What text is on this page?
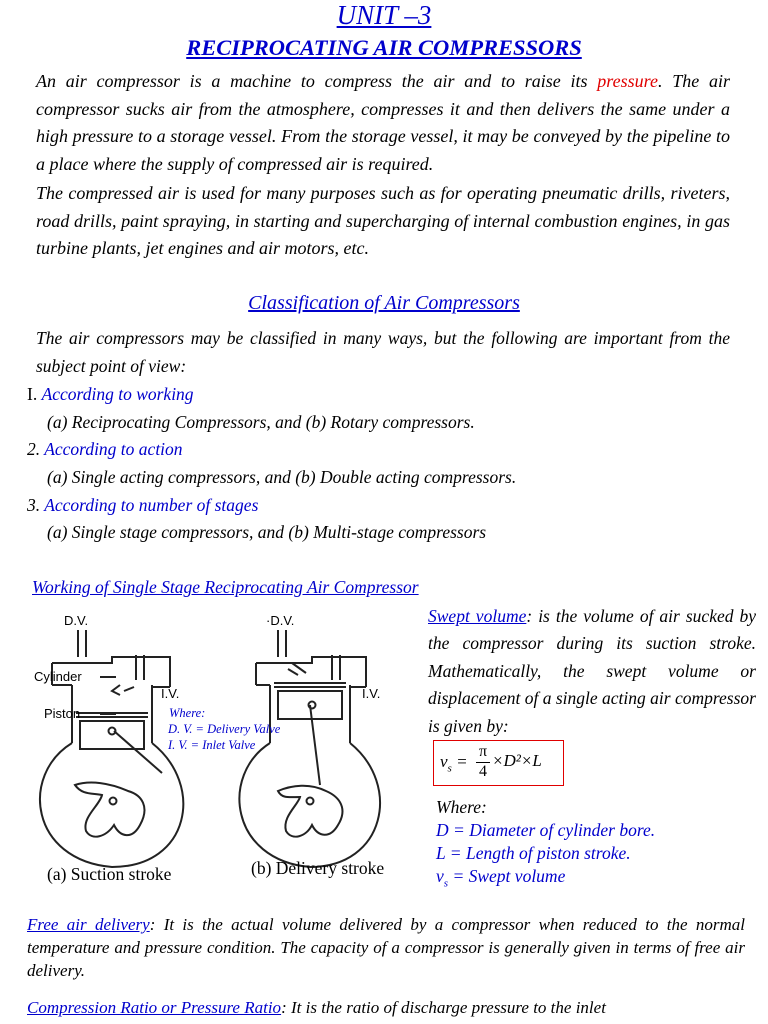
UNIT –3
RECIPROCATING AIR COMPRESSORS
An air compressor is a machine to compress the air and to raise its pressure. The air compressor sucks air from the atmosphere, compresses it and then delivers the same under a high pressure to a storage vessel. From the storage vessel, it may be conveyed by the pipeline to a place where the supply of compressed air is required.
The compressed air is used for many purposes such as for operating pneumatic drills, riveters, road drills, paint spraying, in starting and supercharging of internal combustion engines, in gas turbine plants, jet engines and air motors, etc.
Classification of Air Compressors
The air compressors may be classified in many ways, but the following are important from the subject point of view:
I. According to working
(a) Reciprocating Compressors, and (b) Rotary compressors.
2. According to action
(a) Single acting compressors, and (b) Double acting compressors.
3. According to number of stages
(a) Single stage compressors, and (b) Multi-stage compressors
Working of Single Stage Reciprocating Air Compressor
D.V.	·D.V.
Cylinder
Piston
I.V.	I.V.
Where:
D. V. = Delivery Valve
I. V. = Inlet Valve
(a) Suction stroke	(b) Delivery stroke
Swept volume: is the volume of air sucked by the compressor during its suction stroke. Mathematically, the swept volume or displacement of a single acting air compressor is given by:
$v_s$ =
π
4
×D²×L
Where:
D = Diameter of cylinder bore.
L = Length of piston stroke.
$v_s$ = Swept volume
Free air delivery: It is the actual volume delivered by a compressor when reduced to the normal temperature and pressure condition. The capacity of a compressor is generally given in terms of free air delivery.
Compression Ratio or Pressure Ratio: It is the ratio of discharge pressure to the inlet
